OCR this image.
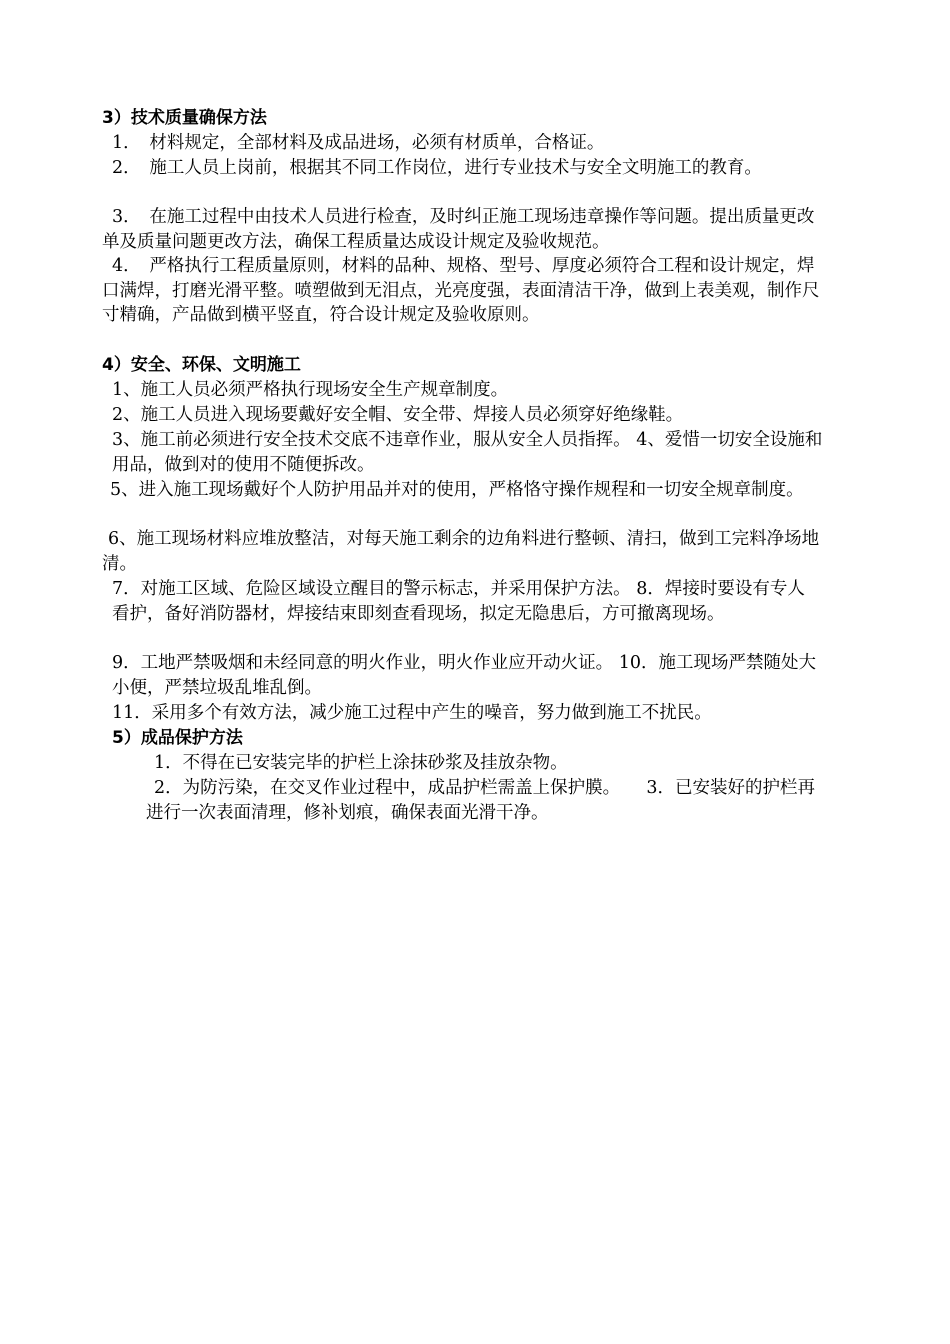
3）技术质量确保方法

1．　材料规定，全部材料及成品进场，必须有材质单，合格证。

2．　施工人员上岗前，根据其不同工作岗位，进行专业技术与安全文明施工的教育。

3．　在施工过程中由技术人员进行检查，及时纠正施工现场违章操作等问题。提出质量更改单及质量问题更改方法，确保工程质量达成设计规定及验收规范。

4．　严格执行工程质量原则，材料的品种、规格、型号、厚度必须符合工程和设计规定，焊口满焊，打磨光滑平整。喷塑做到无泪点，光亮度强，表面清洁干净，做到上表美观，制作尺寸精确，产品做到横平竖直，符合设计规定及验收原则。

4）安全、环保、文明施工

1、施工人员必须严格执行现场安全生产规章制度。

2、施工人员进入现场要戴好安全帽、安全带、焊接人员必须穿好绝缘鞋。

3、施工前必须进行安全技术交底不违章作业，服从安全人员指挥。 4、爱惜一切安全设施和用品，做到对的使用不随便拆改。

5、进入施工现场戴好个人防护用品并对的使用，严格恪守操作规程和一切安全规章制度。

6、施工现场材料应堆放整洁，对每天施工剩余的边角料进行整顿、清扫，做到工完料净场地清。

7．对施工区域、危险区域设立醒目的警示标志，并采用保护方法。 8．焊接时要设有专人看护，备好消防器材，焊接结束即刻查看现场，拟定无隐患后，方可撤离现场。

9．工地严禁吸烟和未经同意的明火作业，明火作业应开动火证。 10．施工现场严禁随处大小便，严禁垃圾乱堆乱倒。

11．采用多个有效方法，减少施工过程中产生的噪音，努力做到施工不扰民。

5）成品保护方法

1．不得在已安装完毕的护栏上涂抹砂浆及挂放杂物。

2．为防污染，在交叉作业过程中，成品护栏需盖上保护膜。　　3．已安装好的护栏再进行一次表面清理，修补划痕，确保表面光滑干净。
